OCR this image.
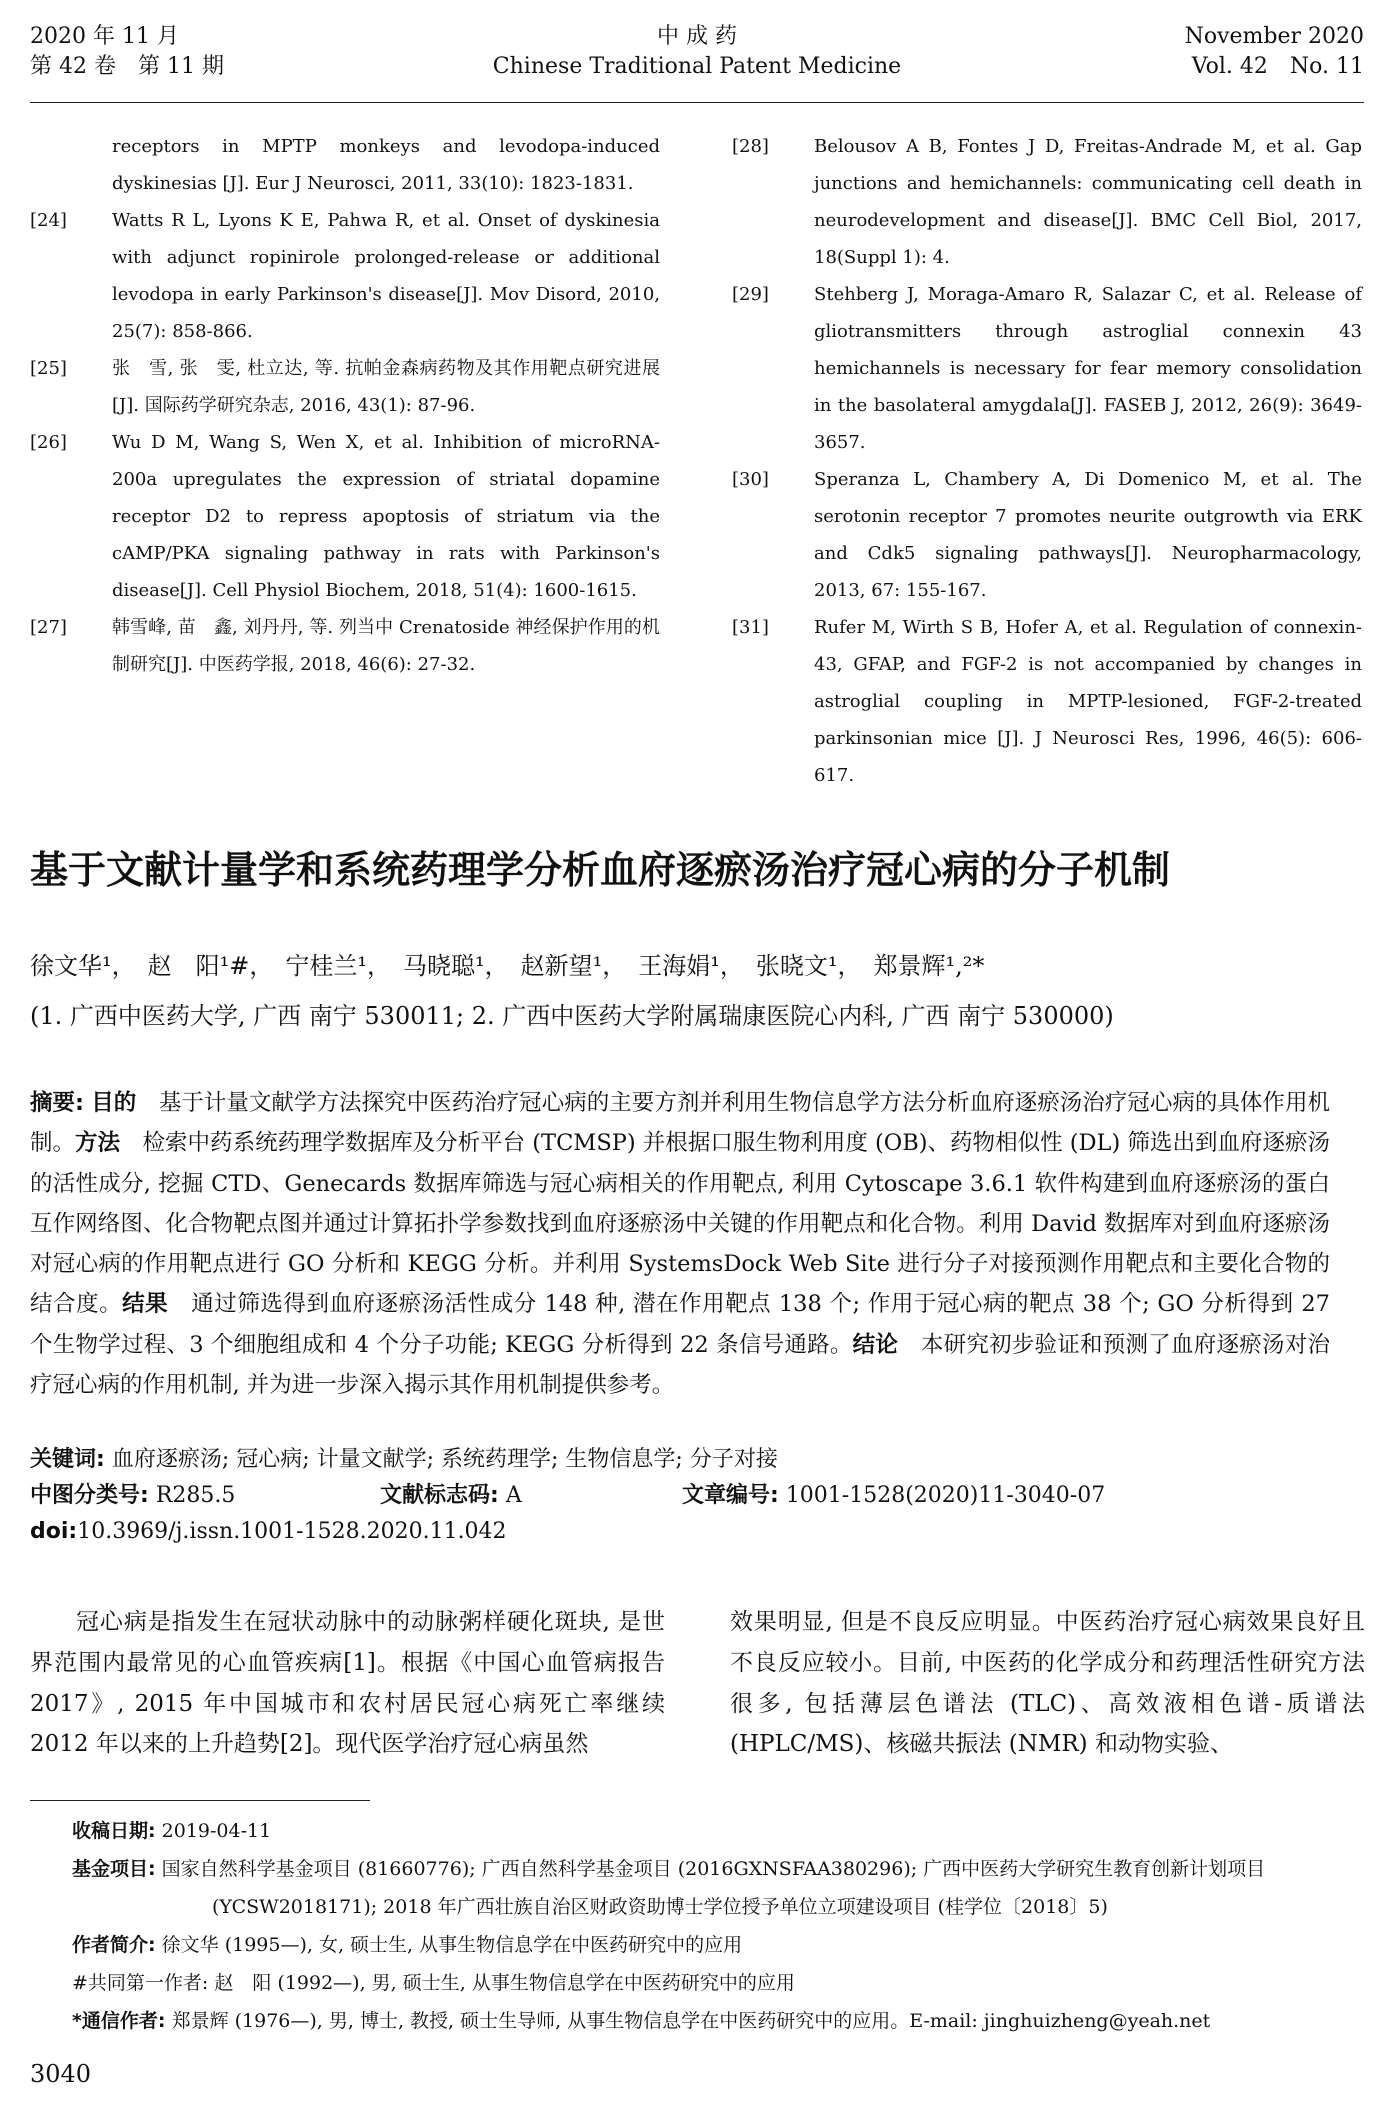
2020 年 11 月
第 42 卷　第 11 期
中 成 药
Chinese Traditional Patent Medicine
November 2020
Vol. 42　No. 11
receptors in MPTP monkeys and levodopa-induced dyskinesias [J]. Eur J Neurosci, 2011, 33(10): 1823-1831.
[24]	Watts R L, Lyons K E, Pahwa R, et al. Onset of dyskinesia with adjunct ropinirole prolonged-release or additional levodopa in early Parkinson's disease[J]. Mov Disord, 2010, 25(7): 858-866.
[25]	张　雪, 张　雯, 杜立达, 等. 抗帕金森病药物及其作用靶点研究进展[J]. 国际药学研究杂志, 2016, 43(1): 87-96.
[26]	Wu D M, Wang S, Wen X, et al. Inhibition of microRNA-200a upregulates the expression of striatal dopamine receptor D2 to repress apoptosis of striatum via the cAMP/PKA signaling pathway in rats with Parkinson's disease[J]. Cell Physiol Biochem, 2018, 51(4): 1600-1615.
[27]	韩雪峰, 苗　鑫, 刘丹丹, 等. 列当中 Crenatoside 神经保护作用的机制研究[J]. 中医药学报, 2018, 46(6): 27-32.
[28]	Belousov A B, Fontes J D, Freitas-Andrade M, et al. Gap junctions and hemichannels: communicating cell death in neurodevelopment and disease[J]. BMC Cell Biol, 2017, 18(Suppl 1): 4.
[29]	Stehberg J, Moraga-Amaro R, Salazar C, et al. Release of gliotransmitters through astroglial connexin 43 hemichannels is necessary for fear memory consolidation in the basolateral amygdala[J]. FASEB J, 2012, 26(9): 3649-3657.
[30]	Speranza L, Chambery A, Di Domenico M, et al. The serotonin receptor 7 promotes neurite outgrowth via ERK and Cdk5 signaling pathways[J]. Neuropharmacology, 2013, 67: 155-167.
[31]	Rufer M, Wirth S B, Hofer A, et al. Regulation of connexin-43, GFAP, and FGF-2 is not accompanied by changes in astroglial coupling in MPTP-lesioned, FGF-2-treated parkinsonian mice [J]. J Neurosci Res, 1996, 46(5): 606-617.
基于文献计量学和系统药理学分析血府逐瘀汤治疗冠心病的分子机制
徐文华¹，　赵　阳¹#，　宁桂兰¹，　马晓聪¹，　赵新望¹，　王海娟¹，　张晓文¹，　郑景辉¹,²*
(1. 广西中医药大学, 广西 南宁 530011; 2. 广西中医药大学附属瑞康医院心内科, 广西 南宁 530000)
摘要: 目的　 基于计量文献学方法探究中医药治疗冠心病的主要方剂并利用生物信息学方法分析血府逐瘀汤治疗冠心病的具体作用机制。方法　 检索中药系统药理学数据库及分析平台 (TCMSP) 并根据口服生物利用度 (OB)、药物相似性 (DL) 筛选出到血府逐瘀汤的活性成分, 挖掘 CTD、Genecards 数据库筛选与冠心病相关的作用靶点, 利用 Cytoscape 3.6.1 软件构建到血府逐瘀汤的蛋白互作网络图、化合物靶点图并通过计算拓扑学参数找到血府逐瘀汤中关键的作用靶点和化合物。利用 David 数据库对到血府逐瘀汤对冠心病的作用靶点进行 GO 分析和 KEGG 分析。并利用 SystemsDock Web Site 进行分子对接预测作用靶点和主要化合物的结合度。结果　 通过筛选得到血府逐瘀汤活性成分 148 种, 潜在作用靶点 138 个; 作用于冠心病的靶点 38 个; GO 分析得到 27 个生物学过程、3 个细胞组成和 4 个分子功能; KEGG 分析得到 22 条信号通路。结论　 本研究初步验证和预测了血府逐瘀汤对治疗冠心病的作用机制, 并为进一步深入揭示其作用机制提供参考。
关键词: 血府逐瘀汤; 冠心病; 计量文献学; 系统药理学; 生物信息学; 分子对接
中图分类号: R285.5	文献标志码: A	文章编号: 1001-1528(2020)11-3040-07
doi:10.3969/j.issn.1001-1528.2020.11.042

冠心病是指发生在冠状动脉中的动脉粥样硬化斑块, 是世界范围内最常见的心血管疾病[1]。根据《中国心血管病报告 2017》, 2015 年中国城市和农村居民冠心病死亡率继续 2012 年以来的上升趋势[2]。现代医学治疗冠心病虽然

效果明显, 但是不良反应明显。中医药治疗冠心病效果良好且不良反应较小。目前, 中医药的化学成分和药理活性研究方法很多, 包括薄层色谱法 (TLC)、高效液相色谱-质谱法 (HPLC/MS)、核磁共振法 (NMR) 和动物实验、

收稿日期: 2019-04-11

基金项目: 国家自然科学基金项目 (81660776); 广西自然科学基金项目 (2016GXNSFAA380296); 广西中医药大学研究生教育创新计划项目 (YCSW2018171); 2018 年广西壮族自治区财政资助博士学位授予单位立项建设项目 (桂学位〔2018〕5)

作者简介: 徐文华 (1995—), 女, 硕士生, 从事生物信息学在中医药研究中的应用

#共同第一作者: 赵　阳 (1992—), 男, 硕士生, 从事生物信息学在中医药研究中的应用

*通信作者: 郑景辉 (1976—), 男, 博士, 教授, 硕士生导师, 从事生物信息学在中医药研究中的应用。E-mail: jinghuizheng@yeah.net

3040
